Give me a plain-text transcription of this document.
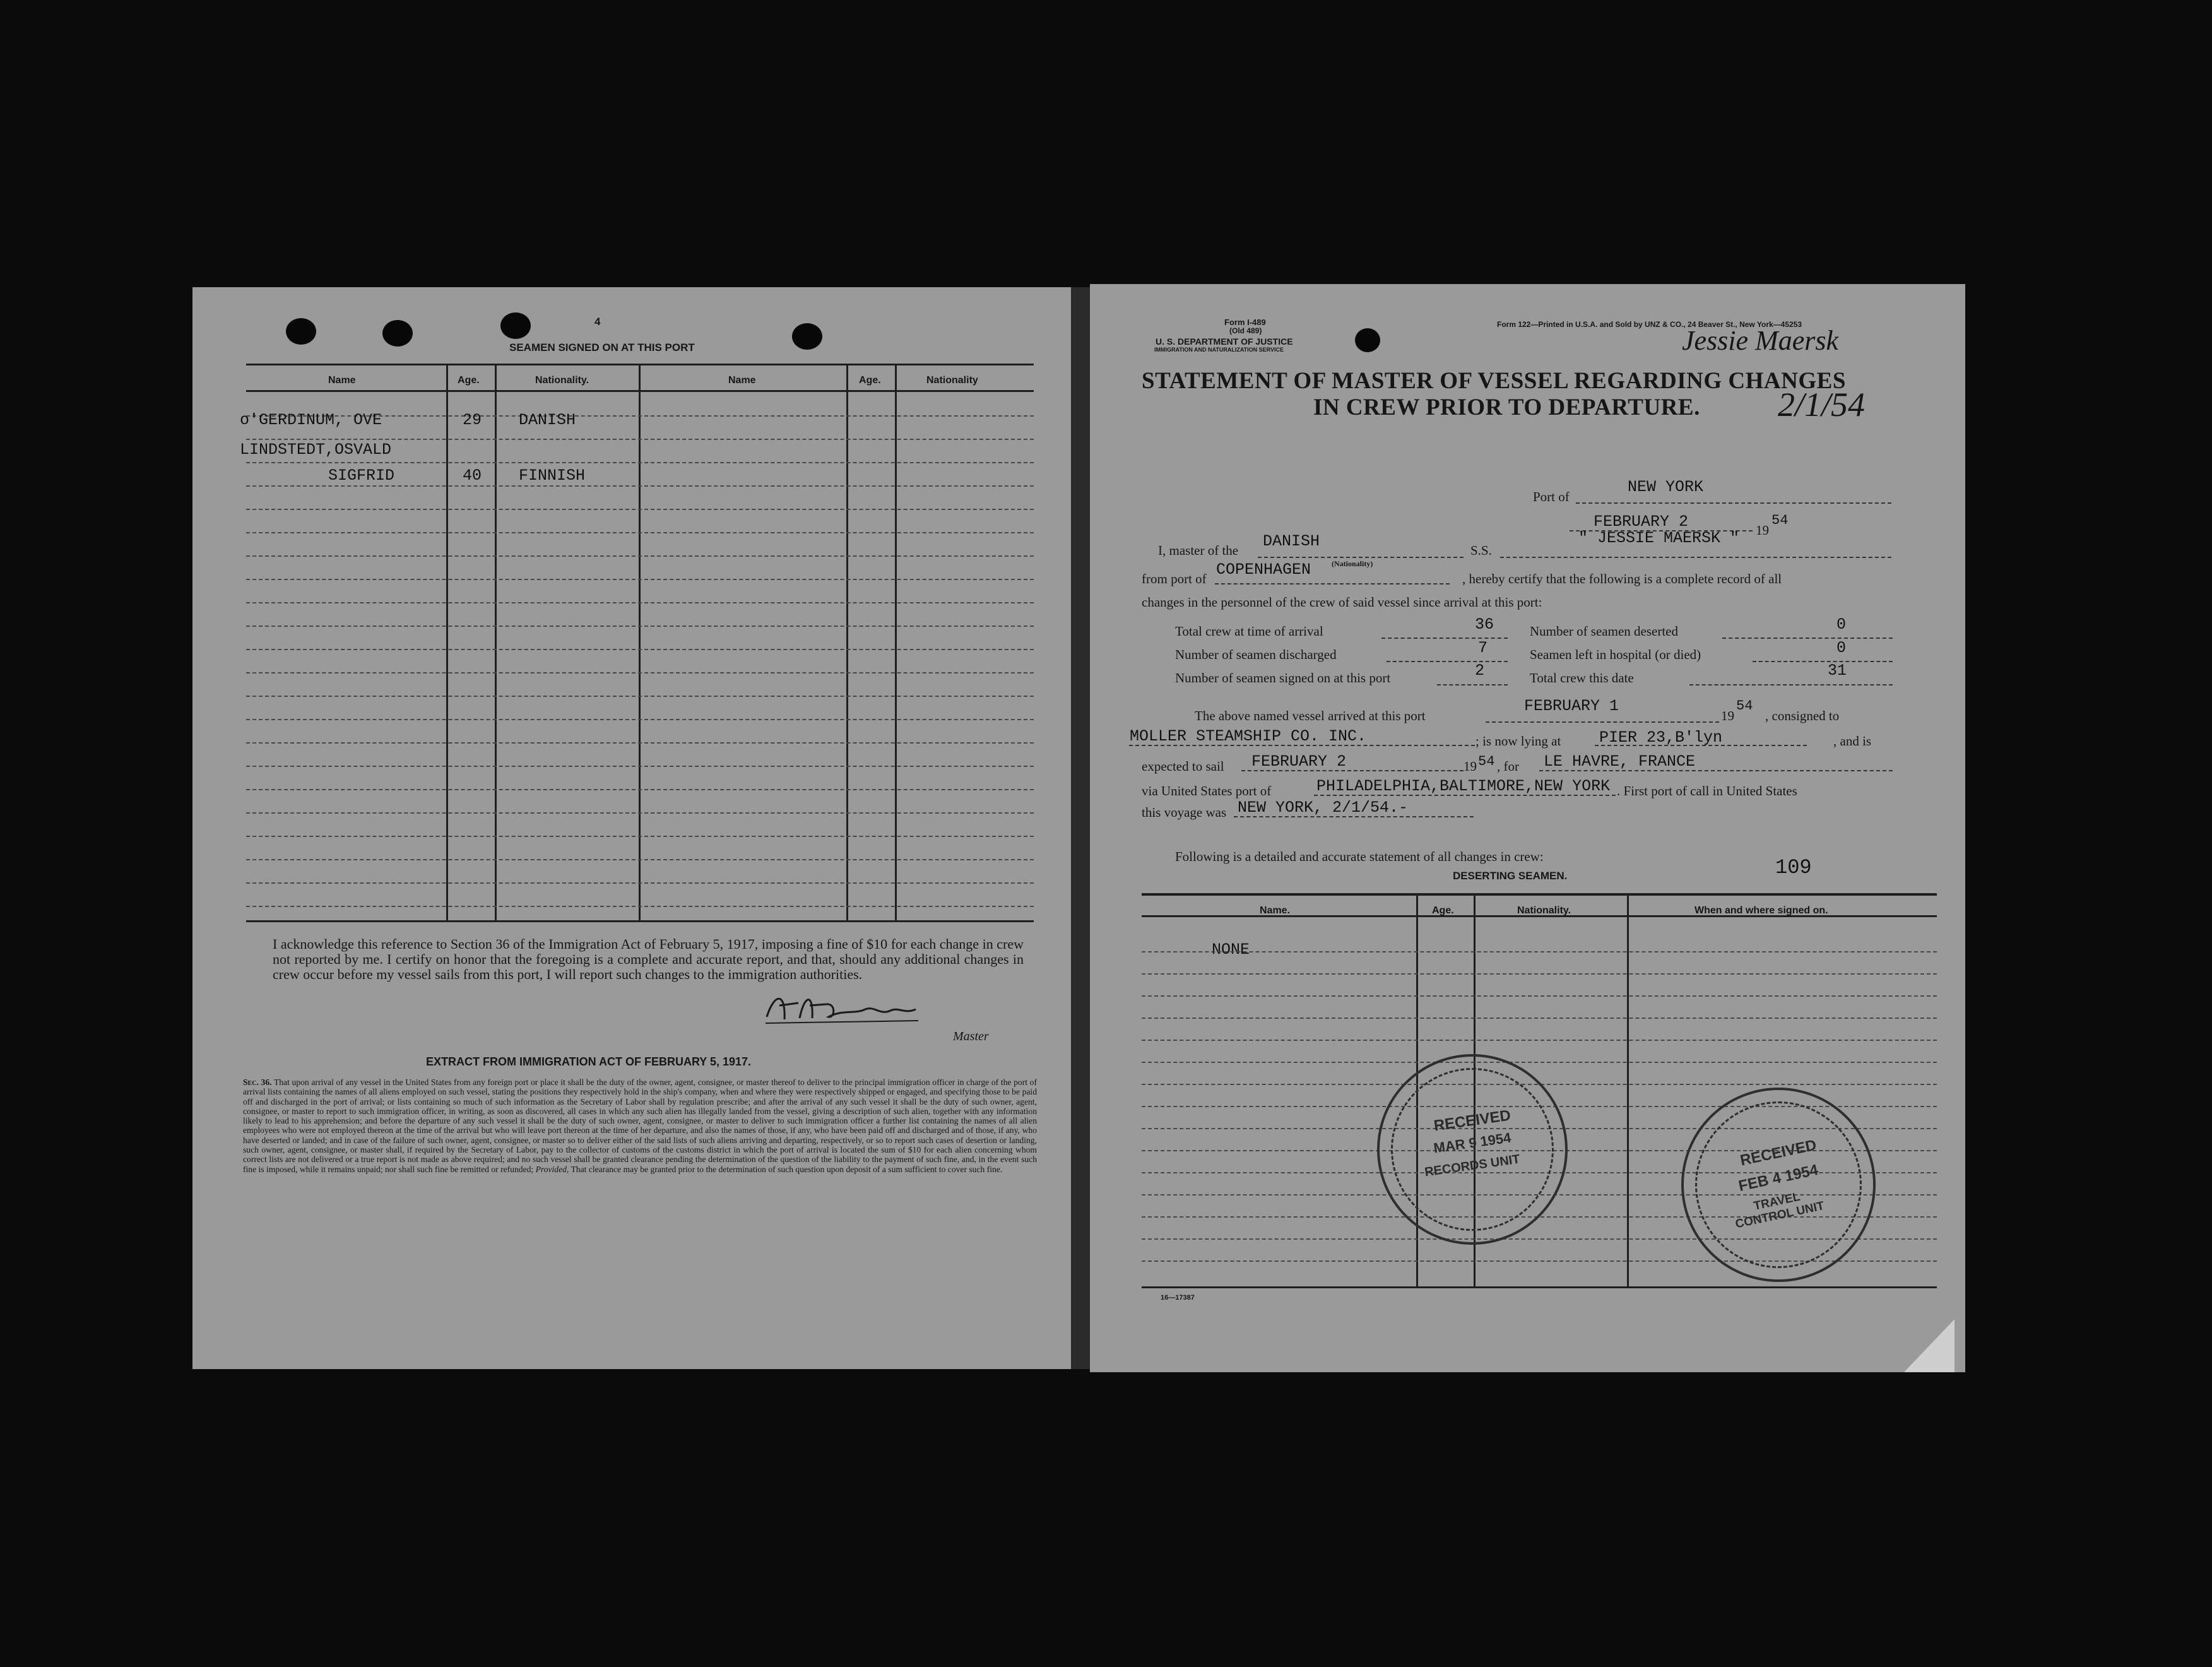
4
SEAMEN SIGNED ON AT THIS PORT
Name	Age.	Nationality.	Name	Age.	Nationality
o'GERDINUM, OVE	29 DANISH
LINDSTEDT,OSVALD
SIGFRID	40 FINNISH
I acknowledge this reference to Section 36 of the Immigration Act of February 5, 1917, imposing a fine of $10 for each change in crew not reported by me. I certify on honor that the foregoing is a complete and accurate report, and that, should any additional changes in crew occur before my vessel sails from this port, I will report such changes to the immigration authorities.
Master
EXTRACT FROM IMMIGRATION ACT OF FEBRUARY 5, 1917.
Sec. 36. That upon arrival of any vessel in the United States from any foreign port or place it shall be the duty of the owner, agent, consignee, or master thereof to deliver to the principal immigration officer in charge of the port of arrival lists containing the names of all aliens employed on such vessel, stating the positions they respectively hold in the ship's company, when and where they were respectively shipped or engaged, and specifying those to be paid off and discharged in the port of arrival; or lists containing so much of such information as the Secretary of Labor shall by regulation prescribe; and after the arrival of any such vessel it shall be the duty of such owner, agent, consignee, or master to report to such immigration officer, in writing, as soon as discovered, all cases in which any such alien has illegally landed from the vessel, giving a description of such alien, together with any information likely to lead to his apprehension; and before the departure of any such vessel it shall be the duty of such owner, agent, consignee, or master to deliver to such immigration officer a further list containing the names of all alien employees who were not employed thereon at the time of the arrival but who will leave port thereon at the time of her departure, and also the names of those, if any, who have been paid off and discharged and of those, if any, who have deserted or landed; and in case of the failure of such owner, agent, consignee, or master so to deliver either of the said lists of such aliens arriving and departing, respectively, or so to report such cases of desertion or landing, such owner, agent, consignee, or master shall, if required by the Secretary of Labor, pay to the collector of customs of the customs district in which the port of arrival is located the sum of $10 for each alien concerning whom correct lists are not delivered or a true report is not made as above required; and no such vessel shall be granted clearance pending the determination of the question of the liability to the payment of such fine, and, in the event such fine is imposed, while it remains unpaid; nor shall such fine be remitted or refunded; Provided, That clearance may be granted prior to the determination of such question upon deposit of a sum sufficient to cover such fine.
Form I-489
(Old 489)
U. S. DEPARTMENT OF JUSTICE
IMMIGRATION AND NATURALIZATION SERVICE
Form 122—Printed in U.S.A. and Sold by UNZ & CO., 24 Beaver St., New York—45253
Jessie Maersk
STATEMENT OF MASTER OF VESSEL REGARDING CHANGES
IN CREW PRIOR TO DEPARTURE. 2/1/54
Port of
NEW YORK
FEBRUARY 2	19
54
I, master of the DANISH	S.S.
" JESSIE MAERSK "
(Nationality)
from port of COPENHAGEN	, hereby certify that the following is a complete record of all
changes in the personnel of the crew of said vessel since arrival at this port:
Total crew at time of arrival	36	Number of seamen deserted	0
Number of seamen discharged	7	Seamen left in hospital (or died)	0
Number of seamen signed on at this port	2	Total crew this date	31
The above named vessel arrived at this port
FEBRUARY 1
19
54
, consigned to
MOLLER STEAMSHIP CO. INC.	; is now lying at PIER 23,B'lyn	, and is
expected to sail FEBRUARY 2	19 54 , for LE HAVRE, FRANCE
via United States port of	PHILADELPHIA,BALTIMORE,NEW YORK . First port of call in United States
this voyage was NEW YORK, 2/1/54.-
Following is a detailed and accurate statement of all changes in crew:	109
DESERTING SEAMEN.
Name.	Age.	Nationality.	When and where signed on.
NONE
RECEIVED
MAR 9 1954
RECORDS UNIT	RECEIVED
FEB 4 1954
TRAVEL CONTROL UNIT
16—17387
